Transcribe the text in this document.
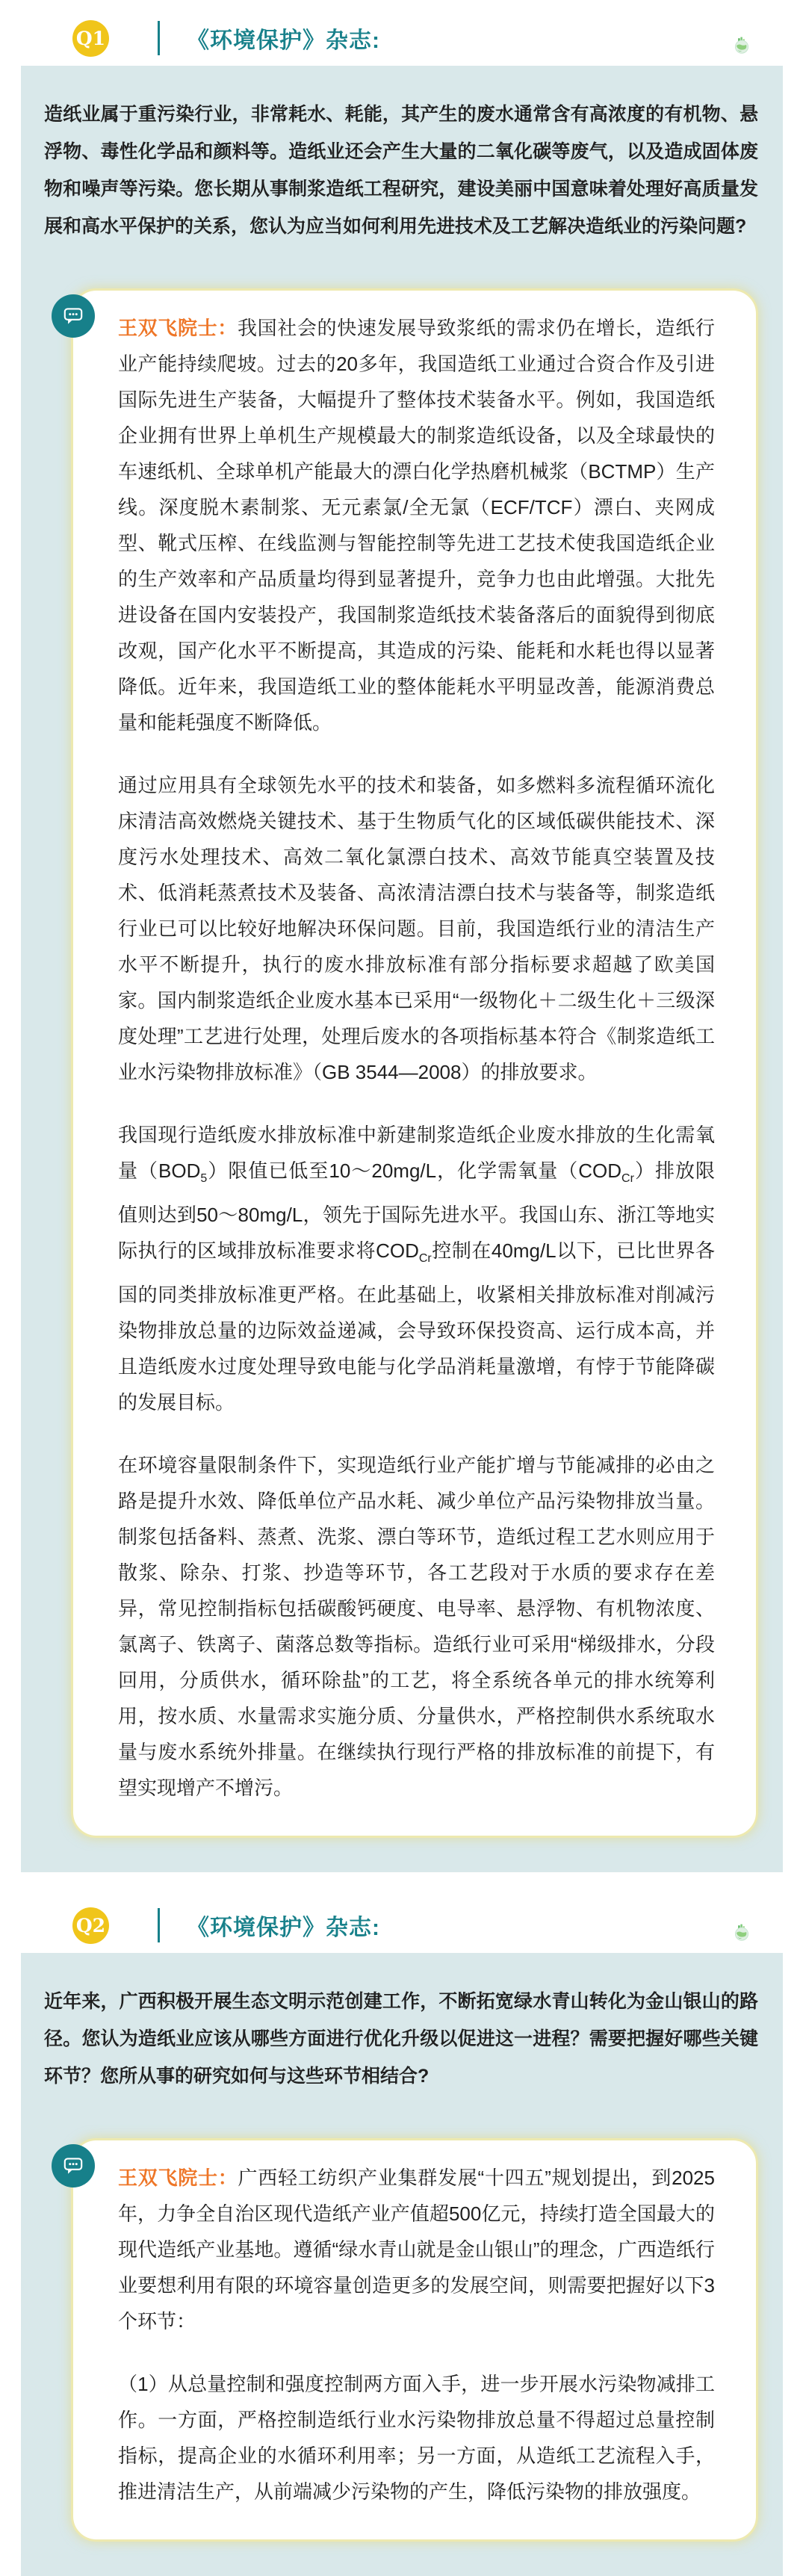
Q1	《环境保护》杂志:

造纸业属于重污染行业，非常耗水、耗能，其产生的废水通常含有高浓度的有机物、悬浮物、毒性化学品和颜料等。造纸业还会产生大量的二氧化碳等废气，以及造成固体废物和噪声等污染。您长期从事制浆造纸工程研究，建设美丽中国意味着处理好高质量发展和高水平保护的关系，您认为应当如何利用先进技术及工艺解决造纸业的污染问题?

王双飞院士：我国社会的快速发展导致浆纸的需求仍在增长，造纸行业产能持续爬坡。过去的20多年，我国造纸工业通过合资合作及引进国际先进生产装备，大幅提升了整体技术装备水平。例如，我国造纸企业拥有世界上单机生产规模最大的制浆造纸设备，以及全球最快的车速纸机、全球单机产能最大的漂白化学热磨机械浆（BCTMP）生产线。深度脱木素制浆、无元素氯/全无氯（ECF/TCF）漂白、夹网成型、靴式压榨、在线监测与智能控制等先进工艺技术使我国造纸企业的生产效率和产品质量均得到显著提升，竞争力也由此增强。大批先进设备在国内安装投产，我国制浆造纸技术装备落后的面貌得到彻底改观，国产化水平不断提高，其造成的污染、能耗和水耗也得以显著降低。近年来，我国造纸工业的整体能耗水平明显改善，能源消费总量和能耗强度不断降低。

通过应用具有全球领先水平的技术和装备，如多燃料多流程循环流化床清洁高效燃烧关键技术、基于生物质气化的区域低碳供能技术、深度污水处理技术、高效二氧化氯漂白技术、高效节能真空装置及技术、低消耗蒸煮技术及装备、高浓清洁漂白技术与装备等，制浆造纸行业已可以比较好地解决环保问题。目前，我国造纸行业的清洁生产水平不断提升，执行的废水排放标准有部分指标要求超越了欧美国家。国内制浆造纸企业废水基本已采用“一级物化＋二级生化＋三级深度处理”工艺进行处理，处理后废水的各项指标基本符合《制浆造纸工业水污染物排放标准》（GB 3544—2008）的排放要求。

我国现行造纸废水排放标准中新建制浆造纸企业废水排放的生化需氧量$(BOD_5)$限值已低至10～20mg/L，化学需氧量$(COD_{Cr})$排放限值则达到50～80mg/L，领先于国际先进水平。我国山东、浙江等地实际执行的区域排放标准要求将$COD_{Cr}$控制在40mg/L以下，已比世界各国的同类排放标准更严格。在此基础上，收紧相关排放标准对削减污染物排放总量的边际效益递减，会导致环保投资高、运行成本高，并且造纸废水过度处理导致电能与化学品消耗量激增，有悖于节能降碳的发展目标。

在环境容量限制条件下，实现造纸行业产能扩增与节能减排的必由之路是提升水效、降低单位产品水耗、减少单位产品污染物排放当量。制浆包括备料、蒸煮、洗浆、漂白等环节，造纸过程工艺水则应用于散浆、除杂、打浆、抄造等环节，各工艺段对于水质的要求存在差异，常见控制指标包括碳酸钙硬度、电导率、悬浮物、有机物浓度、氯离子、铁离子、菌落总数等指标。造纸行业可采用“梯级排水，分段回用，分质供水，循环除盐”的工艺，将全系统各单元的排水统筹利用，按水质、水量需求实施分质、分量供水，严格控制供水系统取水量与废水系统外排量。在继续执行现行严格的排放标准的前提下，有望实现增产不增污。

Q2	《环境保护》杂志:

近年来，广西积极开展生态文明示范创建工作，不断拓宽绿水青山转化为金山银山的路径。您认为造纸业应该从哪些方面进行优化升级以促进这一进程？需要把握好哪些关键环节？您所从事的研究如何与这些环节相结合?

王双飞院士：广西轻工纺织产业集群发展“十四五”规划提出，到2025年，力争全自治区现代造纸产业产值超500亿元，持续打造全国最大的现代造纸产业基地。遵循“绿水青山就是金山银山”的理念，广西造纸行业要想利用有限的环境容量创造更多的发展空间，则需要把握好以下3个环节：

（1）从总量控制和强度控制两方面入手，进一步开展水污染物减排工作。一方面，严格控制造纸行业水污染物排放总量不得超过总量控制指标，提高企业的水循环利用率；另一方面，从造纸工艺流程入手，推进清洁生产，从前端减少污染物的产生，降低污染物的排放强度。
